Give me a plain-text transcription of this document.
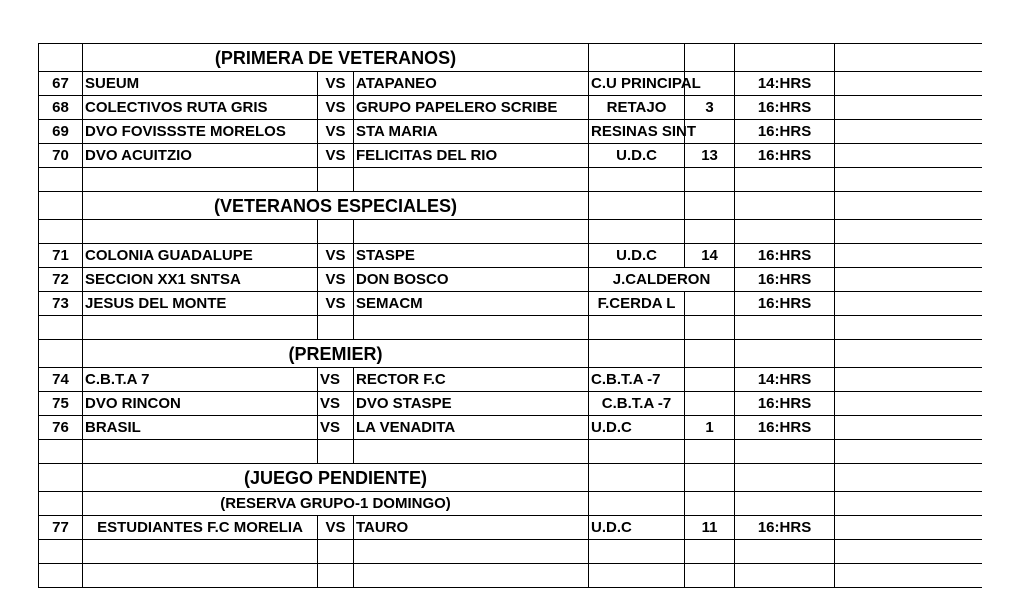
	(PRIMERA DE VETERANOS)						
67	SUEUM	VS	ATAPANEO	C.U PRINCIPAL		14:HRS	
68	COLECTIVOS RUTA GRIS	VS	GRUPO PAPELERO SCRIBE	RETAJO	3	16:HRS	
69	DVO FOVISSSTE MORELOS	VS	STA MARIA	RESINAS SINT		16:HRS	
70	DVO ACUITZIO	VS	FELICITAS DEL RIO	U.D.C	13	16:HRS	

	(VETERANOS ESPECIALES)						

71	COLONIA GUADALUPE	VS	STASPE	U.D.C	14	16:HRS	
72	SECCION XX1 SNTSA	VS	DON BOSCO	J.CALDERON		16:HRS	
73	JESUS DEL MONTE	VS	SEMACM	F.CERDA L		16:HRS	

	(PREMIER)						
74	C.B.T.A 7	VS	RECTOR F.C	C.B.T.A -7		14:HRS	
75	DVO RINCON	VS	DVO STASPE	C.B.T.A -7		16:HRS	
76	BRASIL	VS	LA VENADITA	U.D.C	1	16:HRS	

	(JUEGO PENDIENTE)						
	(RESERVA GRUPO-1 DOMINGO)						
77	ESTUDIANTES F.C MORELIA	VS	TAURO	U.D.C	11	16:HRS	
